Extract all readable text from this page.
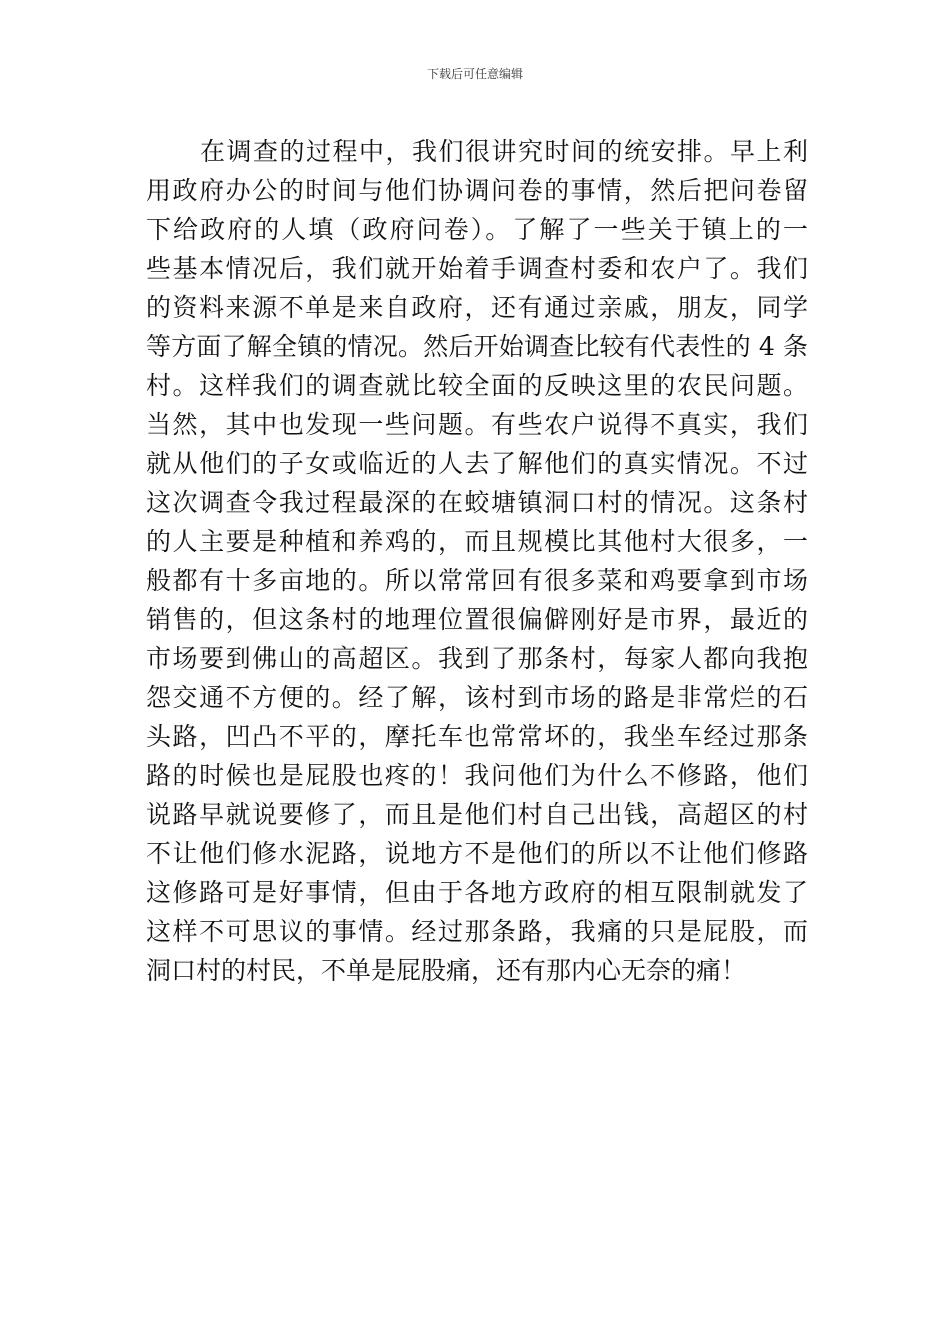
下载后可任意编辑
在调查的过程中，我们很讲究时间的统安排。早上利
用政府办公的时间与他们协调问卷的事情，然后把问卷留
下给政府的人填（政府问卷）。了解了一些关于镇上的一
些基本情况后，我们就开始着手调查村委和农户了。我们
的资料来源不单是来自政府，还有通过亲戚，朋友，同学
等方面了解全镇的情况。然后开始调查比较有代表性的 4 条
村。这样我们的调查就比较全面的反映这里的农民问题。
当然，其中也发现一些问题。有些农户说得不真实，我们
就从他们的子女或临近的人去了解他们的真实情况。不过
这次调查令我过程最深的在蛟塘镇洞口村的情况。这条村
的人主要是种植和养鸡的，而且规模比其他村大很多，一
般都有十多亩地的。所以常常回有很多菜和鸡要拿到市场
销售的，但这条村的地理位置很偏僻刚好是市界，最近的
市场要到佛山的高超区。我到了那条村，每家人都向我抱
怨交通不方便的。经了解，该村到市场的路是非常烂的石
头路，凹凸不平的，摩托车也常常坏的，我坐车经过那条
路的时候也是屁股也疼的！我问他们为什么不修路，他们
说路早就说要修了，而且是他们村自己出钱，高超区的村
不让他们修水泥路，说地方不是他们的所以不让他们修路
这修路可是好事情，但由于各地方政府的相互限制就发了
这样不可思议的事情。经过那条路，我痛的只是屁股，而
洞口村的村民，不单是屁股痛，还有那内心无奈的痛！
